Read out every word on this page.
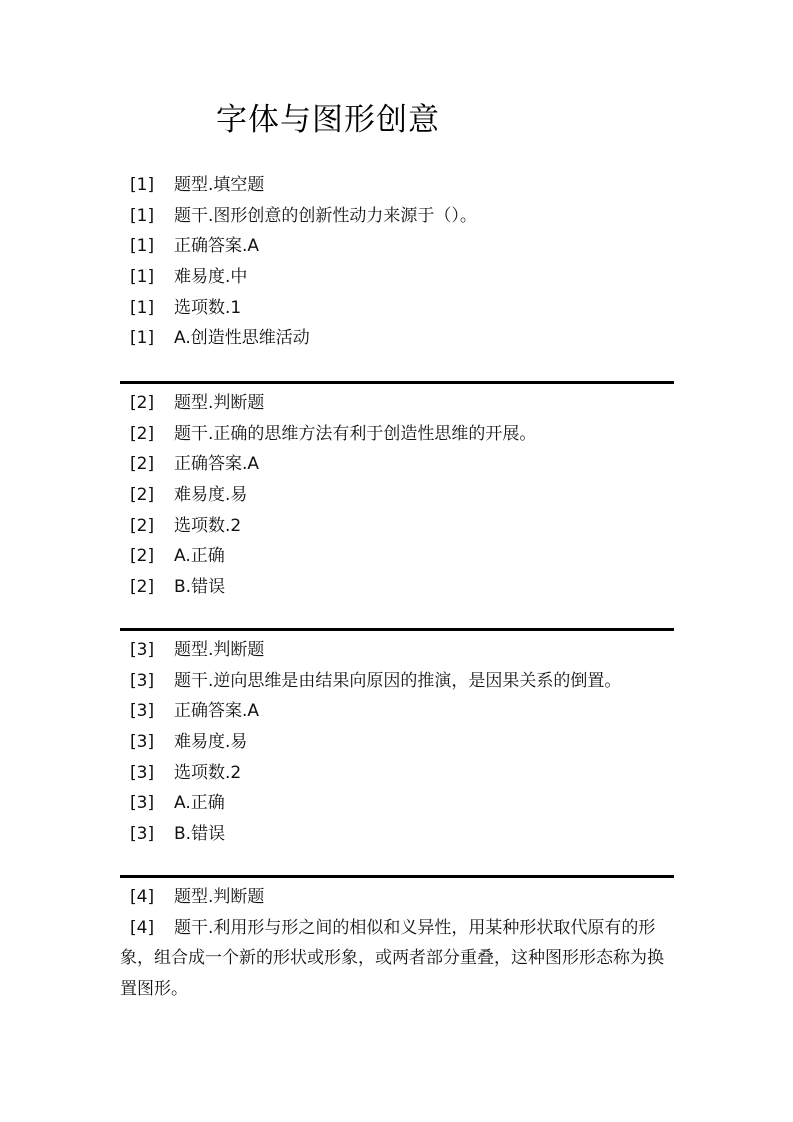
字体与图形创意
[1] 题型.填空题
[1] 题干.图形创意的创新性动力来源于（）。
[1] 正确答案.A
[1] 难易度.中
[1] 选项数.1
[1] A.创造性思维活动
[2] 题型.判断题
[2] 题干.正确的思维方法有利于创造性思维的开展。
[2] 正确答案.A
[2] 难易度.易
[2] 选项数.2
[2] A.正确
[2] B.错误
[3] 题型.判断题
[3] 题干.逆向思维是由结果向原因的推演，是因果关系的倒置。
[3] 正确答案.A
[3] 难易度.易
[3] 选项数.2
[3] A.正确
[3] B.错误
[4] 题型.判断题
[4] 题干.利用形与形之间的相似和义异性，用某种形状取代原有的形象，组合成一个新的形状或形象，或两者部分重叠，这种图形形态称为换置图形。
